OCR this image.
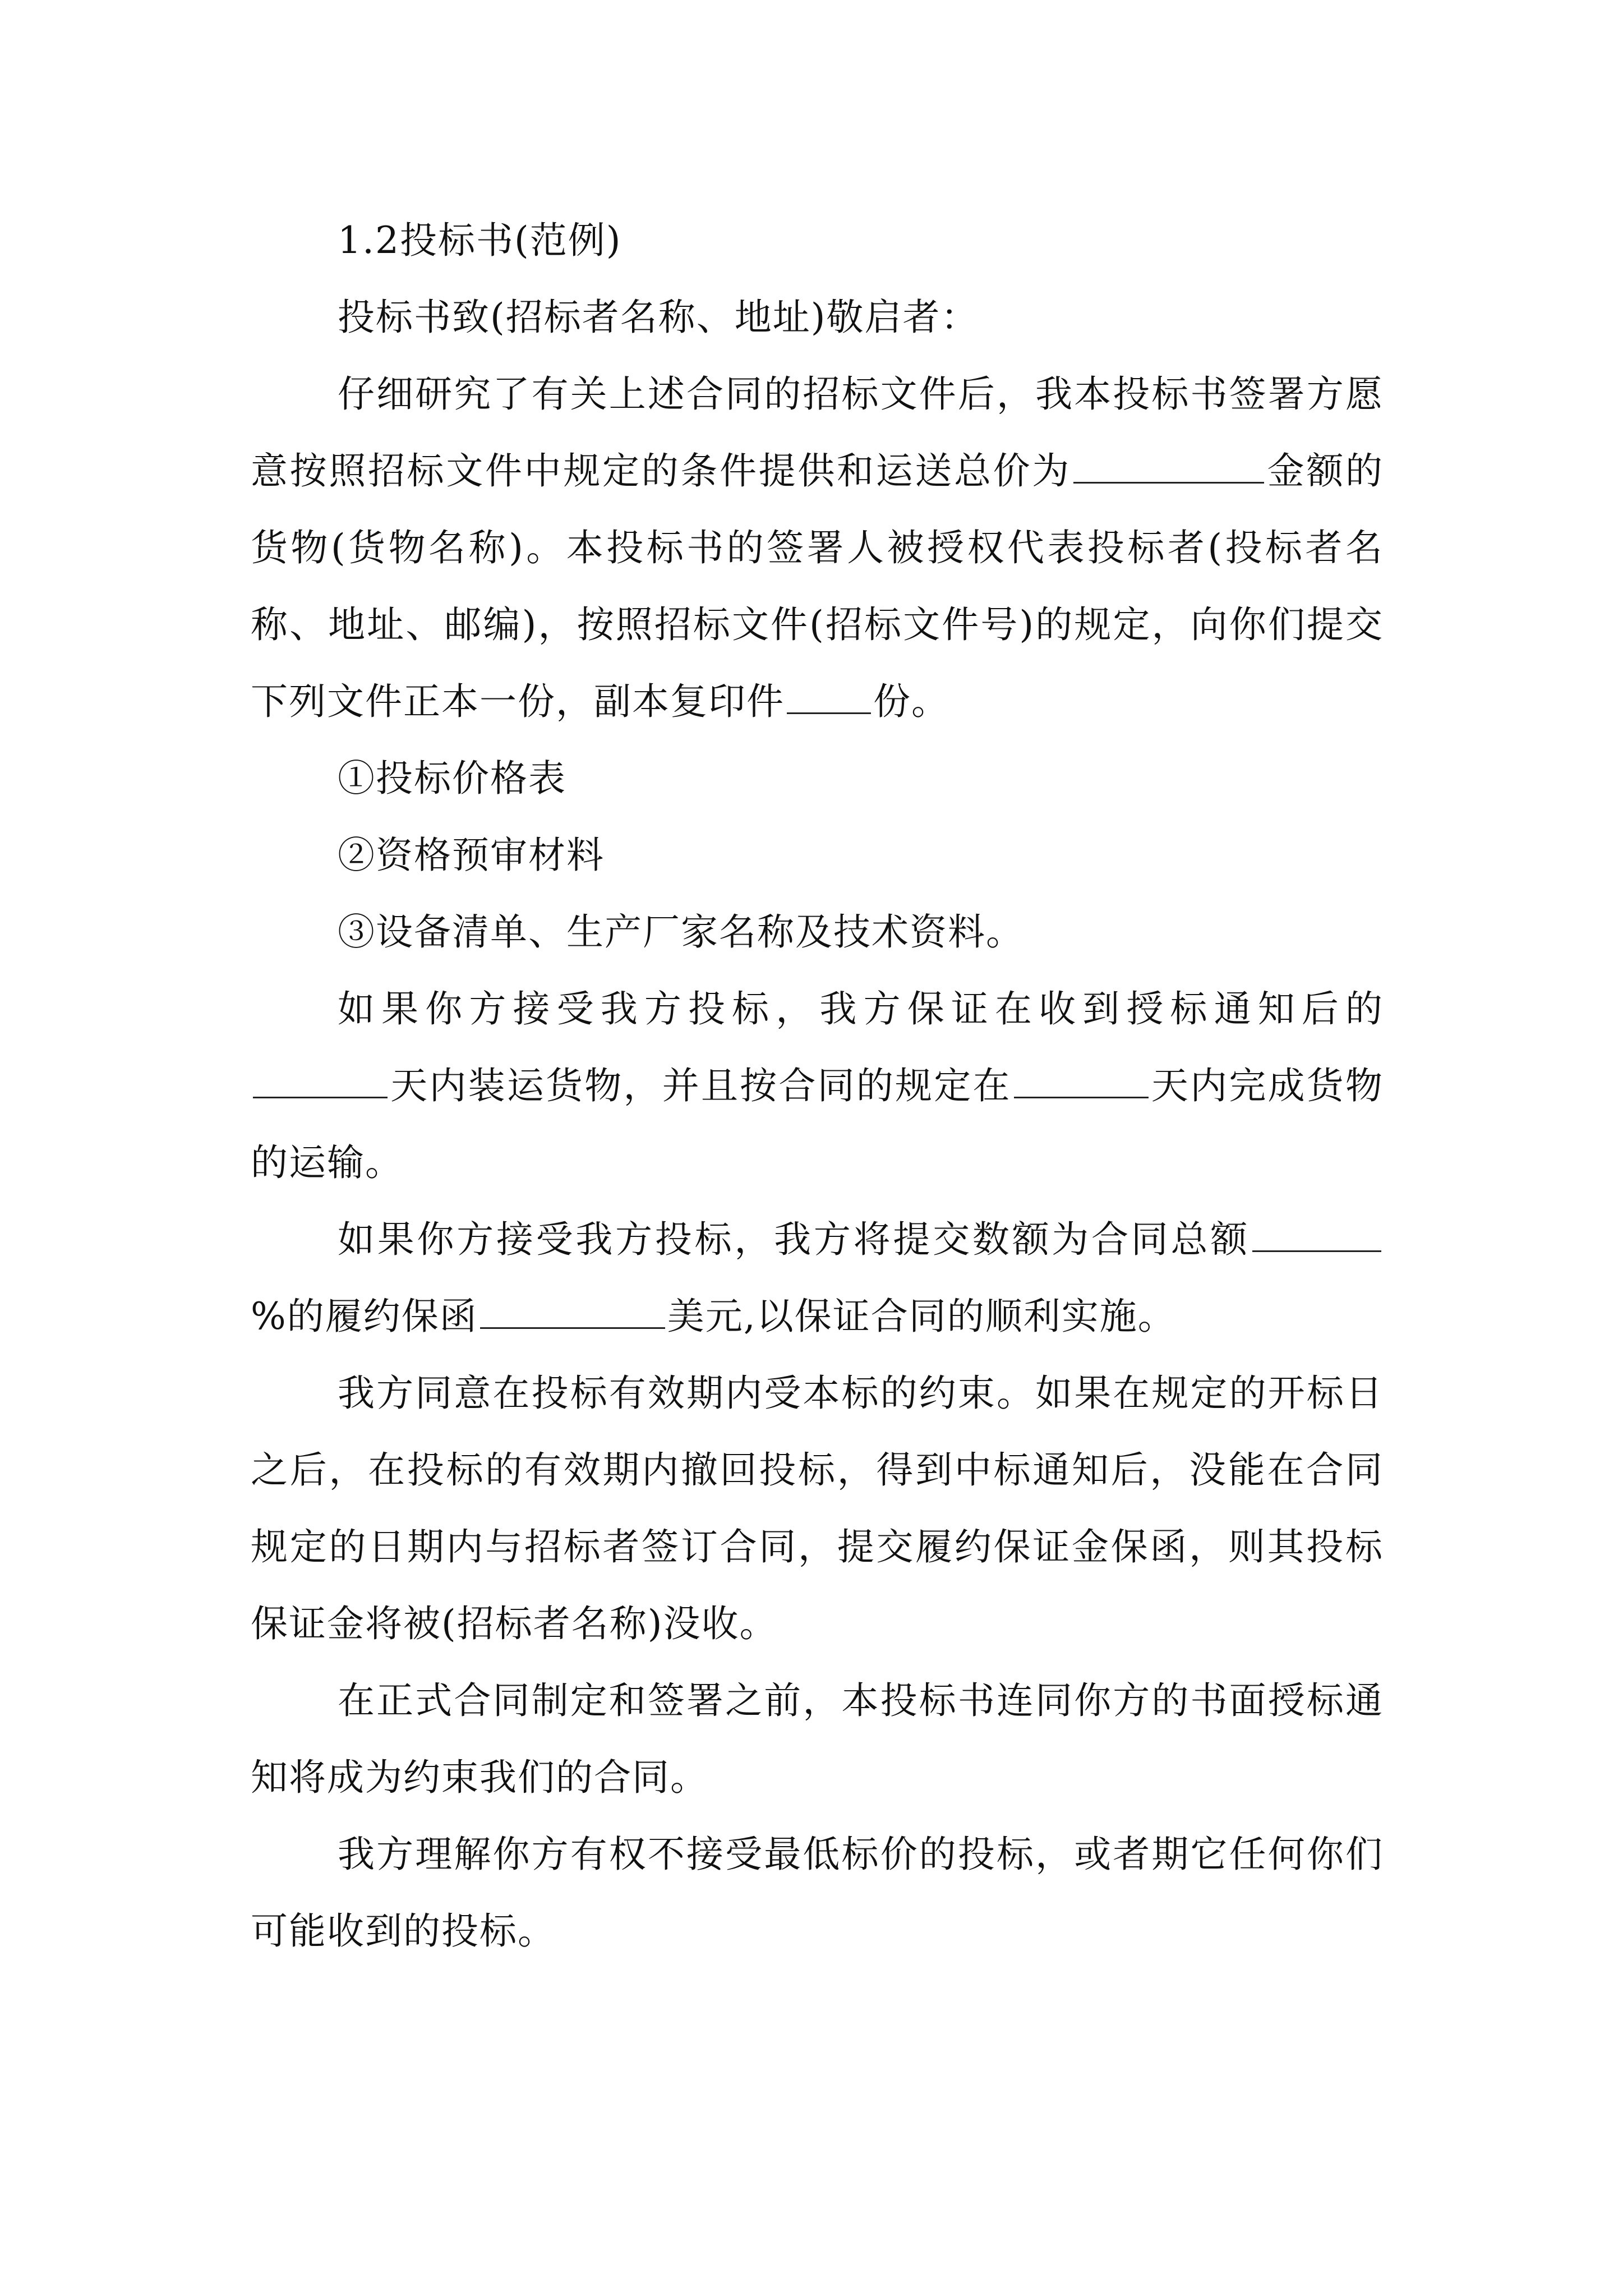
1.2投标书(范例)

投标书致(招标者名称、地址)敬启者：

仔细研究了有关上述合同的招标文件后，我本投标书签署方愿意按照招标文件中规定的条件提供和运送总价为	金额的货物(货物名称)。本投标书的签署人被授权代表投标者(投标者名称、地址、邮编)，按照招标文件(招标文件号)的规定，向你们提交下列文件正本一份，副本复印件 份。

①投标价格表

②资格预审材料

③设备清单、生产厂家名称及技术资料。

如果你方接受我方投标，我方保证在收到授标通知后的天内装运货物，并且按合同的规定在	天内完成货物的运输。

如果你方接受我方投标，我方将提交数额为合同总额%的履约保函	美元,以保证合同的顺利实施。

我方同意在投标有效期内受本标的约束。如果在规定的开标日之后，在投标的有效期内撤回投标，得到中标通知后，没能在合同规定的日期内与招标者签订合同，提交履约保证金保函，则其投标保证金将被(招标者名称)没收。

在正式合同制定和签署之前，本投标书连同你方的书面授标通知将成为约束我们的合同。

我方理解你方有权不接受最低标价的投标，或者期它任何你们可能收到的投标。
